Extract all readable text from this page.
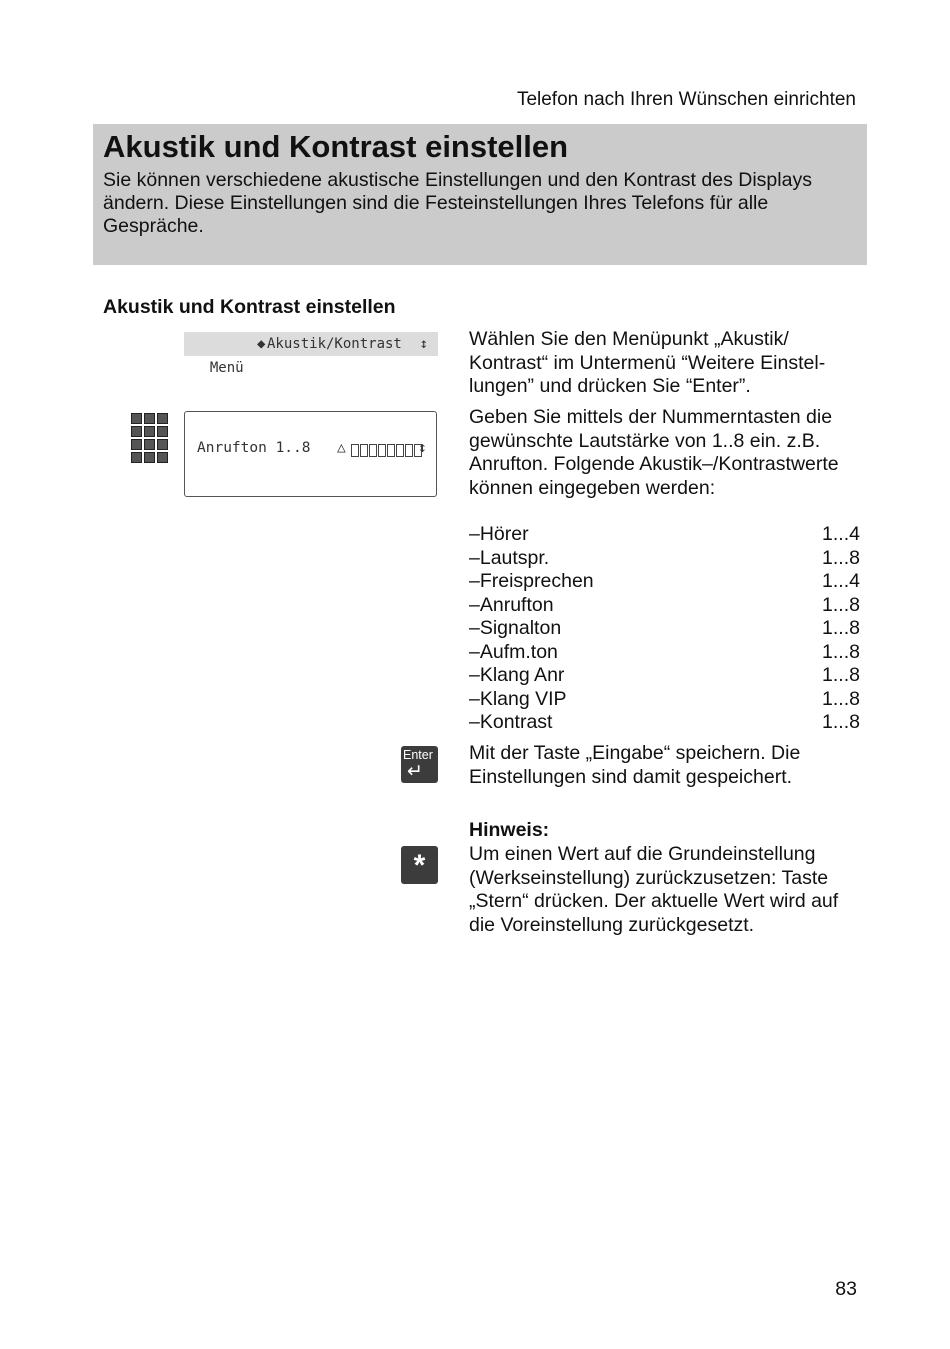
Telefon nach Ihren Wünschen einrichten
Akustik und Kontrast einstellen

Sie können verschiedene akustische Einstellungen und den Kontrast des Displays ändern. Diese Einstellungen sind die Festeinstellungen Ihres Telefons für alle Gespräche.

Akustik und Kontrast einstellen

Menü

◆

Akustik/Kontrast

↕

Anrufton 1..8 △	↕
Wählen Sie den Menüpunkt „Akustik/ Kontrast“ im Untermenü “Weitere Einstellungen” und drücken Sie “Enter”.
Geben Sie mittels der Nummerntasten die gewünschte Lautstärke von 1..8 ein. z.B. Anrufton. Folgende Akustik–/Kontrastwerte können eingegeben werden:
–Hörer	1...4
–Lautspr.	1...8
–Freisprechen	1...4
–Anrufton	1...8
–Signalton	1...8
–Aufm.ton	1...8
–Klang Anr	1...8
–Klang VIP	1...8
–Kontrast	1...8
Enter
↵
Mit der Taste „Eingabe“ speichern. Die Einstellungen sind damit gespeichert.
Hinweis:
*	Um einen Wert auf die Grundeinstellung (Werkseinstellung) zurückzusetzen: Taste „Stern“ drücken. Der aktuelle Wert wird auf die Voreinstellung zurückgesetzt.
83
